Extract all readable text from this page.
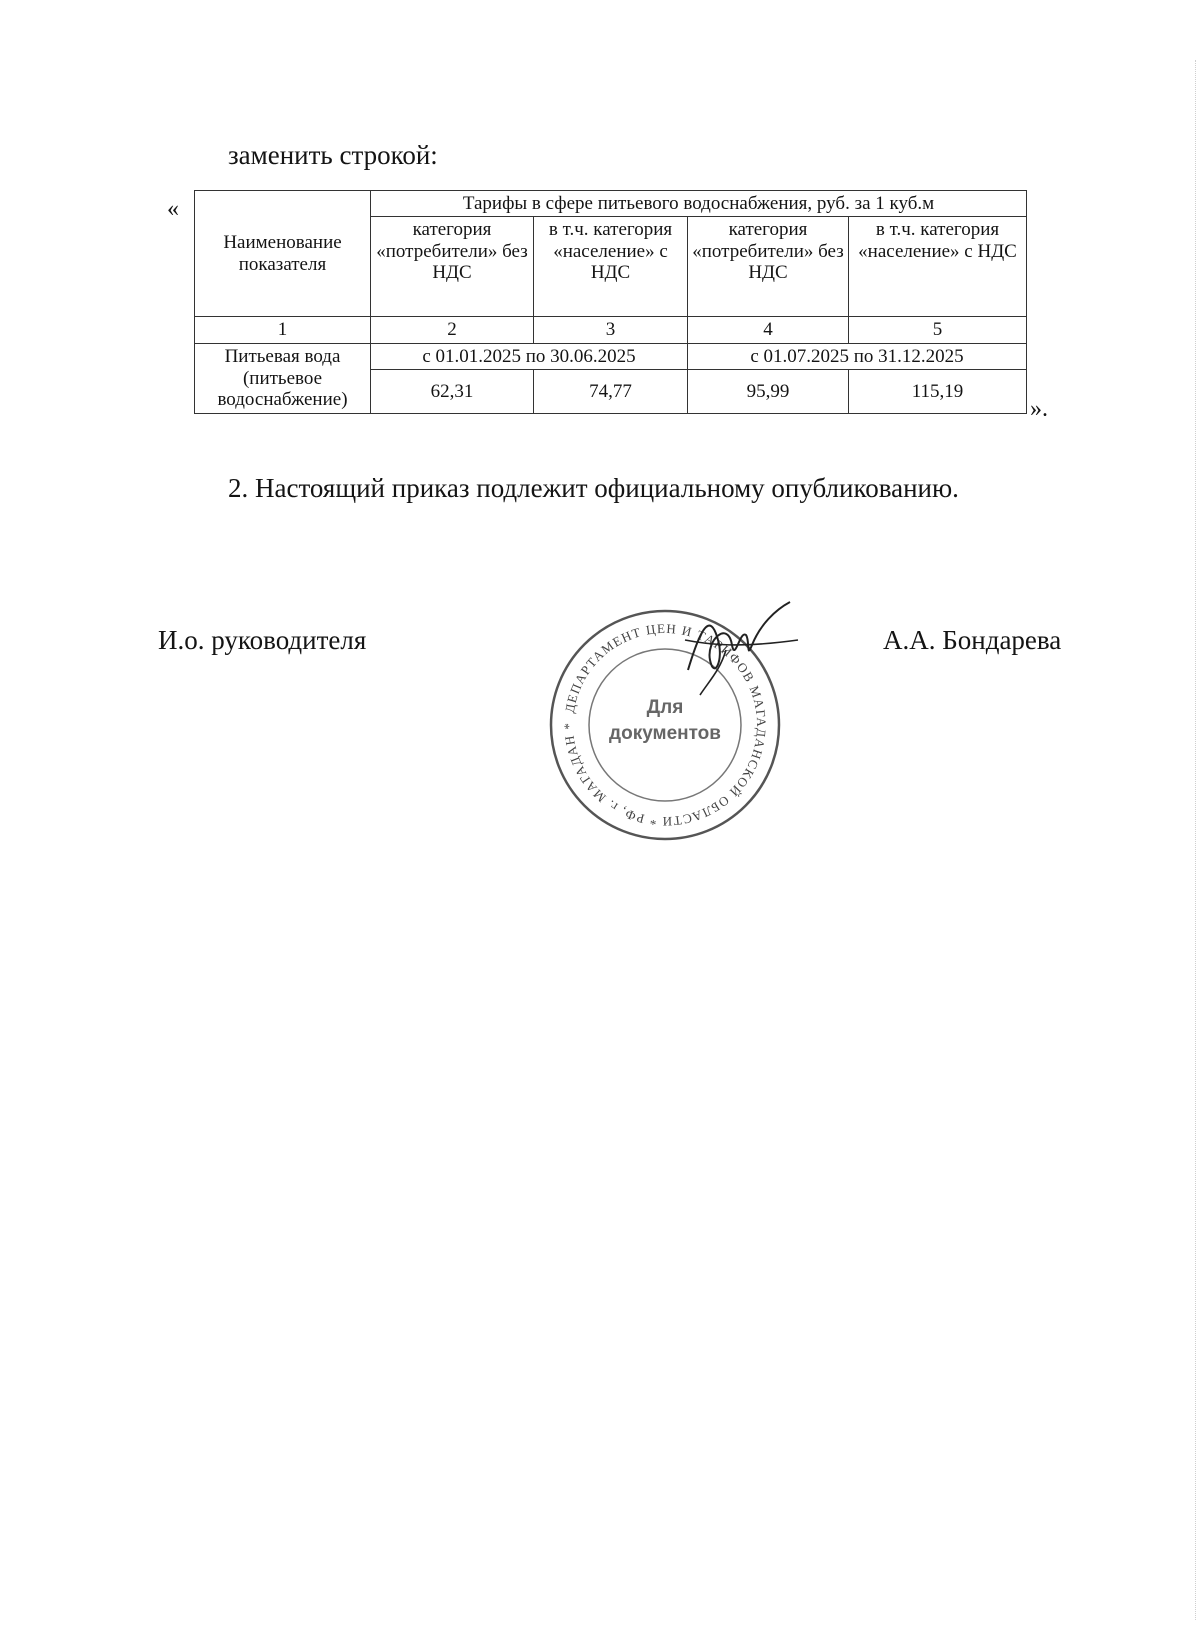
заменить строкой:
«
Наименование показателя	Тарифы в сфере питьевого водоснабжения, руб. за 1 куб.м			
	категория «потребители» без НДС	в т.ч. категория «население» с НДС	категория «потребители» без НДС	в т.ч. категория «население» с НДС
1	2	3	4	5
Питьевая вода (питьевое водоснабжение)	с 01.01.2025 по 30.06.2025		с 01.07.2025 по 31.12.2025	
	62,31	74,77	95,99	115,19
».
2. Настоящий приказ подлежит официальному опубликованию.
И.о. руководителя	А.А. Бондарева
ДЕПАРТАМЕНТ ЦЕН И ТАРИФОВ МАГАДАНСКОЙ ОБЛАСТИ * РФ, г. МАГАДАН *
Для
документов
